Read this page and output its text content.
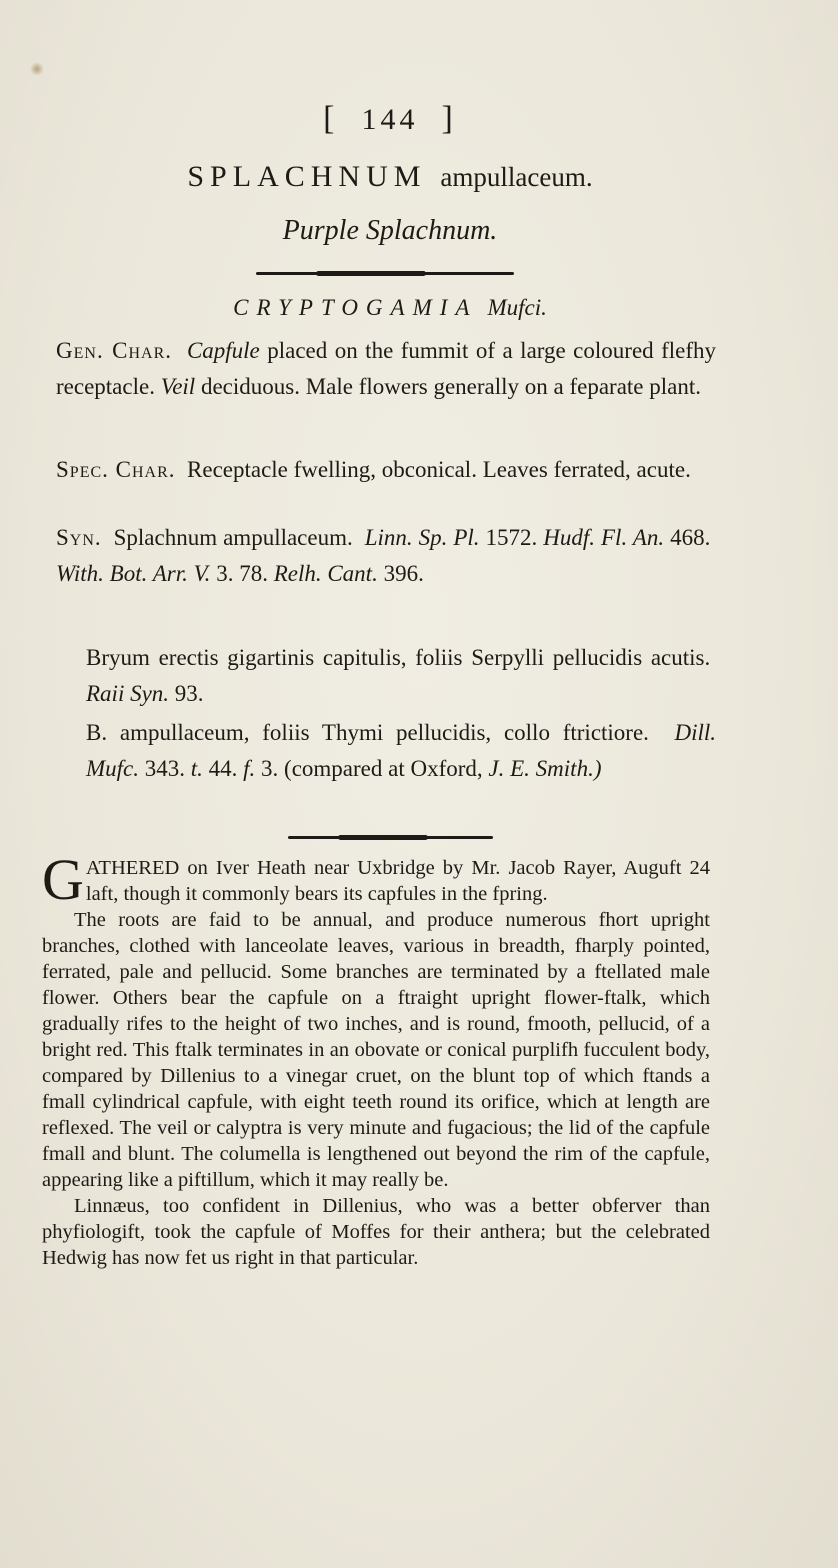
[ 144 ]
SPLACHNUM ampullaceum.
Purple Splachnum.
CRYPTOGAMIA Mufci.
Gen. Char. Capfule placed on the fummit of a large coloured flefhy receptacle. Veil deciduous. Male flowers generally on a feparate plant.
Spec. Char. Receptacle fwelling, obconical. Leaves ferrated, acute.
Syn. Splachnum ampullaceum. Linn. Sp. Pl. 1572. Hudf. Fl. An. 468.  With. Bot. Arr. V. 3. 78. Relh. Cant. 396.
Bryum erectis gigartinis capitulis, foliis Serpylli pellucidis acutis.  Raii Syn. 93.
B. ampullaceum, foliis Thymi pellucidis, collo ftrictiore. Dill. Mufc. 343. t. 44. f. 3. (compared at Oxford, J. E. Smith.)

GATHERED on Iver Heath near Uxbridge by Mr. Jacob Rayer, Auguft 24 laft, though it commonly bears its capfules in the fpring.

The roots are faid to be annual, and produce numerous fhort upright branches, clothed with lanceolate leaves, various in breadth, fharply pointed, ferrated, pale and pellucid. Some branches are terminated by a ftellated male flower. Others bear the capfule on a ftraight upright flower-ftalk, which gradually rifes to the height of two inches, and is round, fmooth, pellucid, of a bright red. This ftalk terminates in an obovate or conical purplifh fucculent body, compared by Dillenius to a vinegar cruet, on the blunt top of which ftands a fmall cylindrical capfule, with eight teeth round its orifice, which at length are reflexed. The veil or calyptra is very minute and fugacious; the lid of the capfule fmall and blunt. The columella is lengthened out beyond the rim of the capfule, appearing like a piftillum, which it may really be.

Linnæus, too confident in Dillenius, who was a better obferver than phyfiologift, took the capfule of Moffes for their anthera; but the celebrated Hedwig has now fet us right in that particular.
